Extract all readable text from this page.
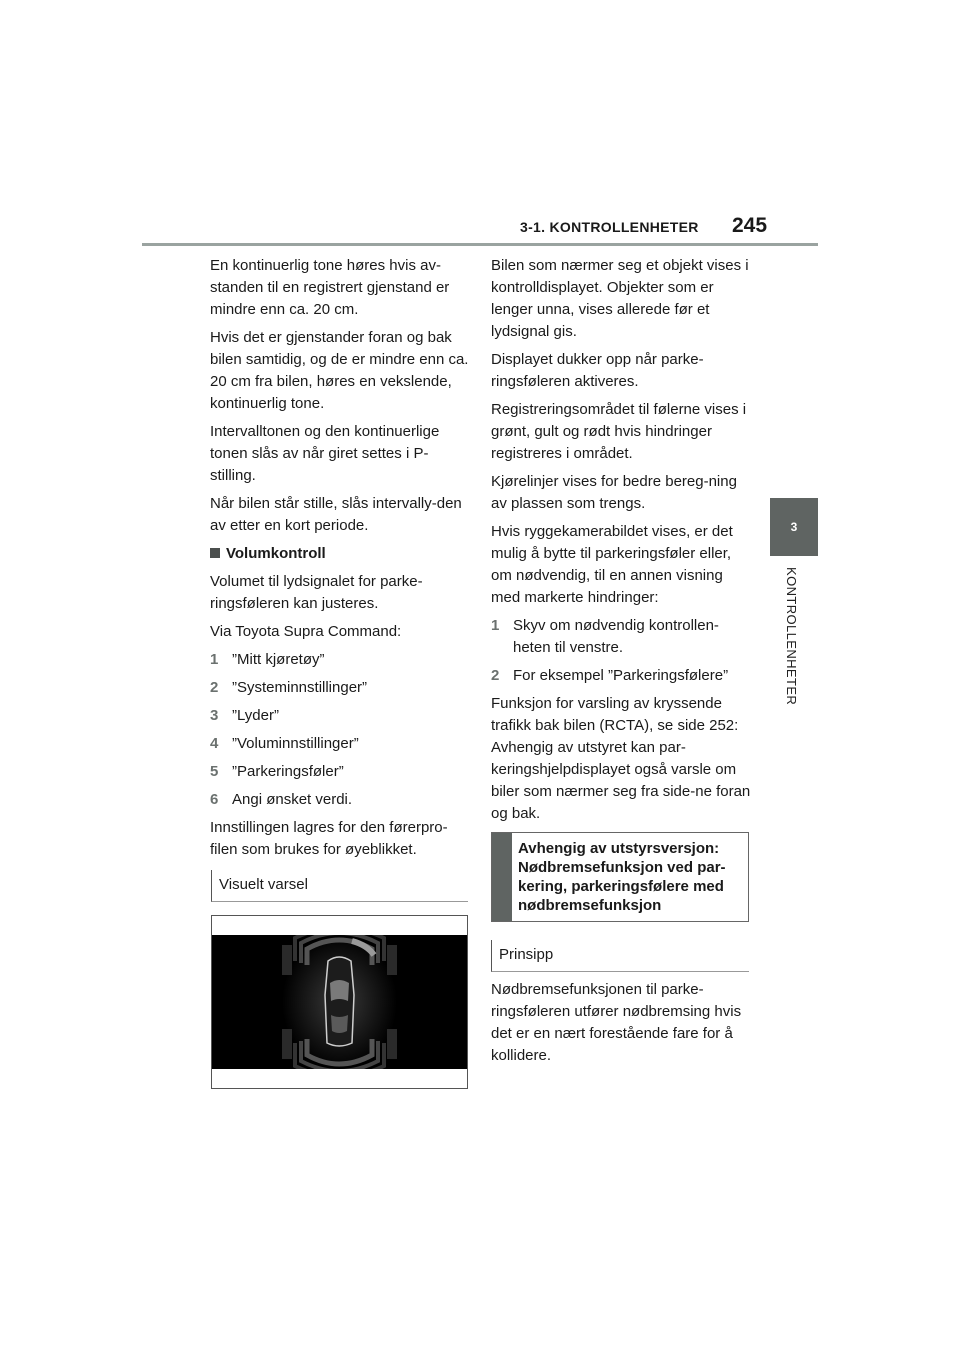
3-1. KONTROLLENHETER 245
3
KONTROLLENHETER

En kontinuerlig tone høres hvis av-standen til en registrert gjenstand er mindre enn ca. 20 cm.

Hvis det er gjenstander foran og bak bilen samtidig, og de er mindre enn ca. 20 cm fra bilen, høres en vekslende, kontinuerlig tone.

Intervalltonen og den kontinuerlige tonen slås av når giret settes i P-stilling.

Når bilen står stille, slås intervally-den av etter en kort periode.

Volumkontroll

Volumet til lydsignalet for parke-ringsføleren kan justeres.

Via Toyota Supra Command:

1 ”Mitt kjøretøy”
2 ”Systeminnstillinger”
3 ”Lyder”
4 ”Voluminnstillinger”
5 ”Parkeringsføler”
6 Angi ønsket verdi.

Innstillingen lagres for den førerpro-filen som brukes for øyeblikket.

Visuelt varsel

Bilen som nærmer seg et objekt vises i kontrolldisplayet. Objekter som er lenger unna, vises allerede før et lydsignal gis.

Displayet dukker opp når parke-ringsføleren aktiveres.

Registreringsområdet til følerne vises i grønt, gult og rødt hvis hindringer registreres i området.

Kjørelinjer vises for bedre bereg-ning av plassen som trengs.

Hvis ryggekamerabildet vises, er det mulig å bytte til parkeringsføler eller, om nødvendig, til en annen visning med markerte hindringer:

1 Skyv om nødvendig kontrollen-heten til venstre.
2 For eksempel ”Parkeringsfølere”

Funksjon for varsling av kryssende trafikk bak bilen (RCTA), se side 252: Avhengig av utstyret kan par-keringshjelpdisplayet også varsle om biler som nærmer seg fra side-ne foran og bak.

Avhengig av utstyrsversjon: Nødbremsefunksjon ved par-kering, parkeringsfølere med nødbremsefunksjon
Prinsipp

Nødbremsefunksjonen til parke-ringsføleren utfører nødbremsing hvis det er en nært forestående fare for å kollidere.
